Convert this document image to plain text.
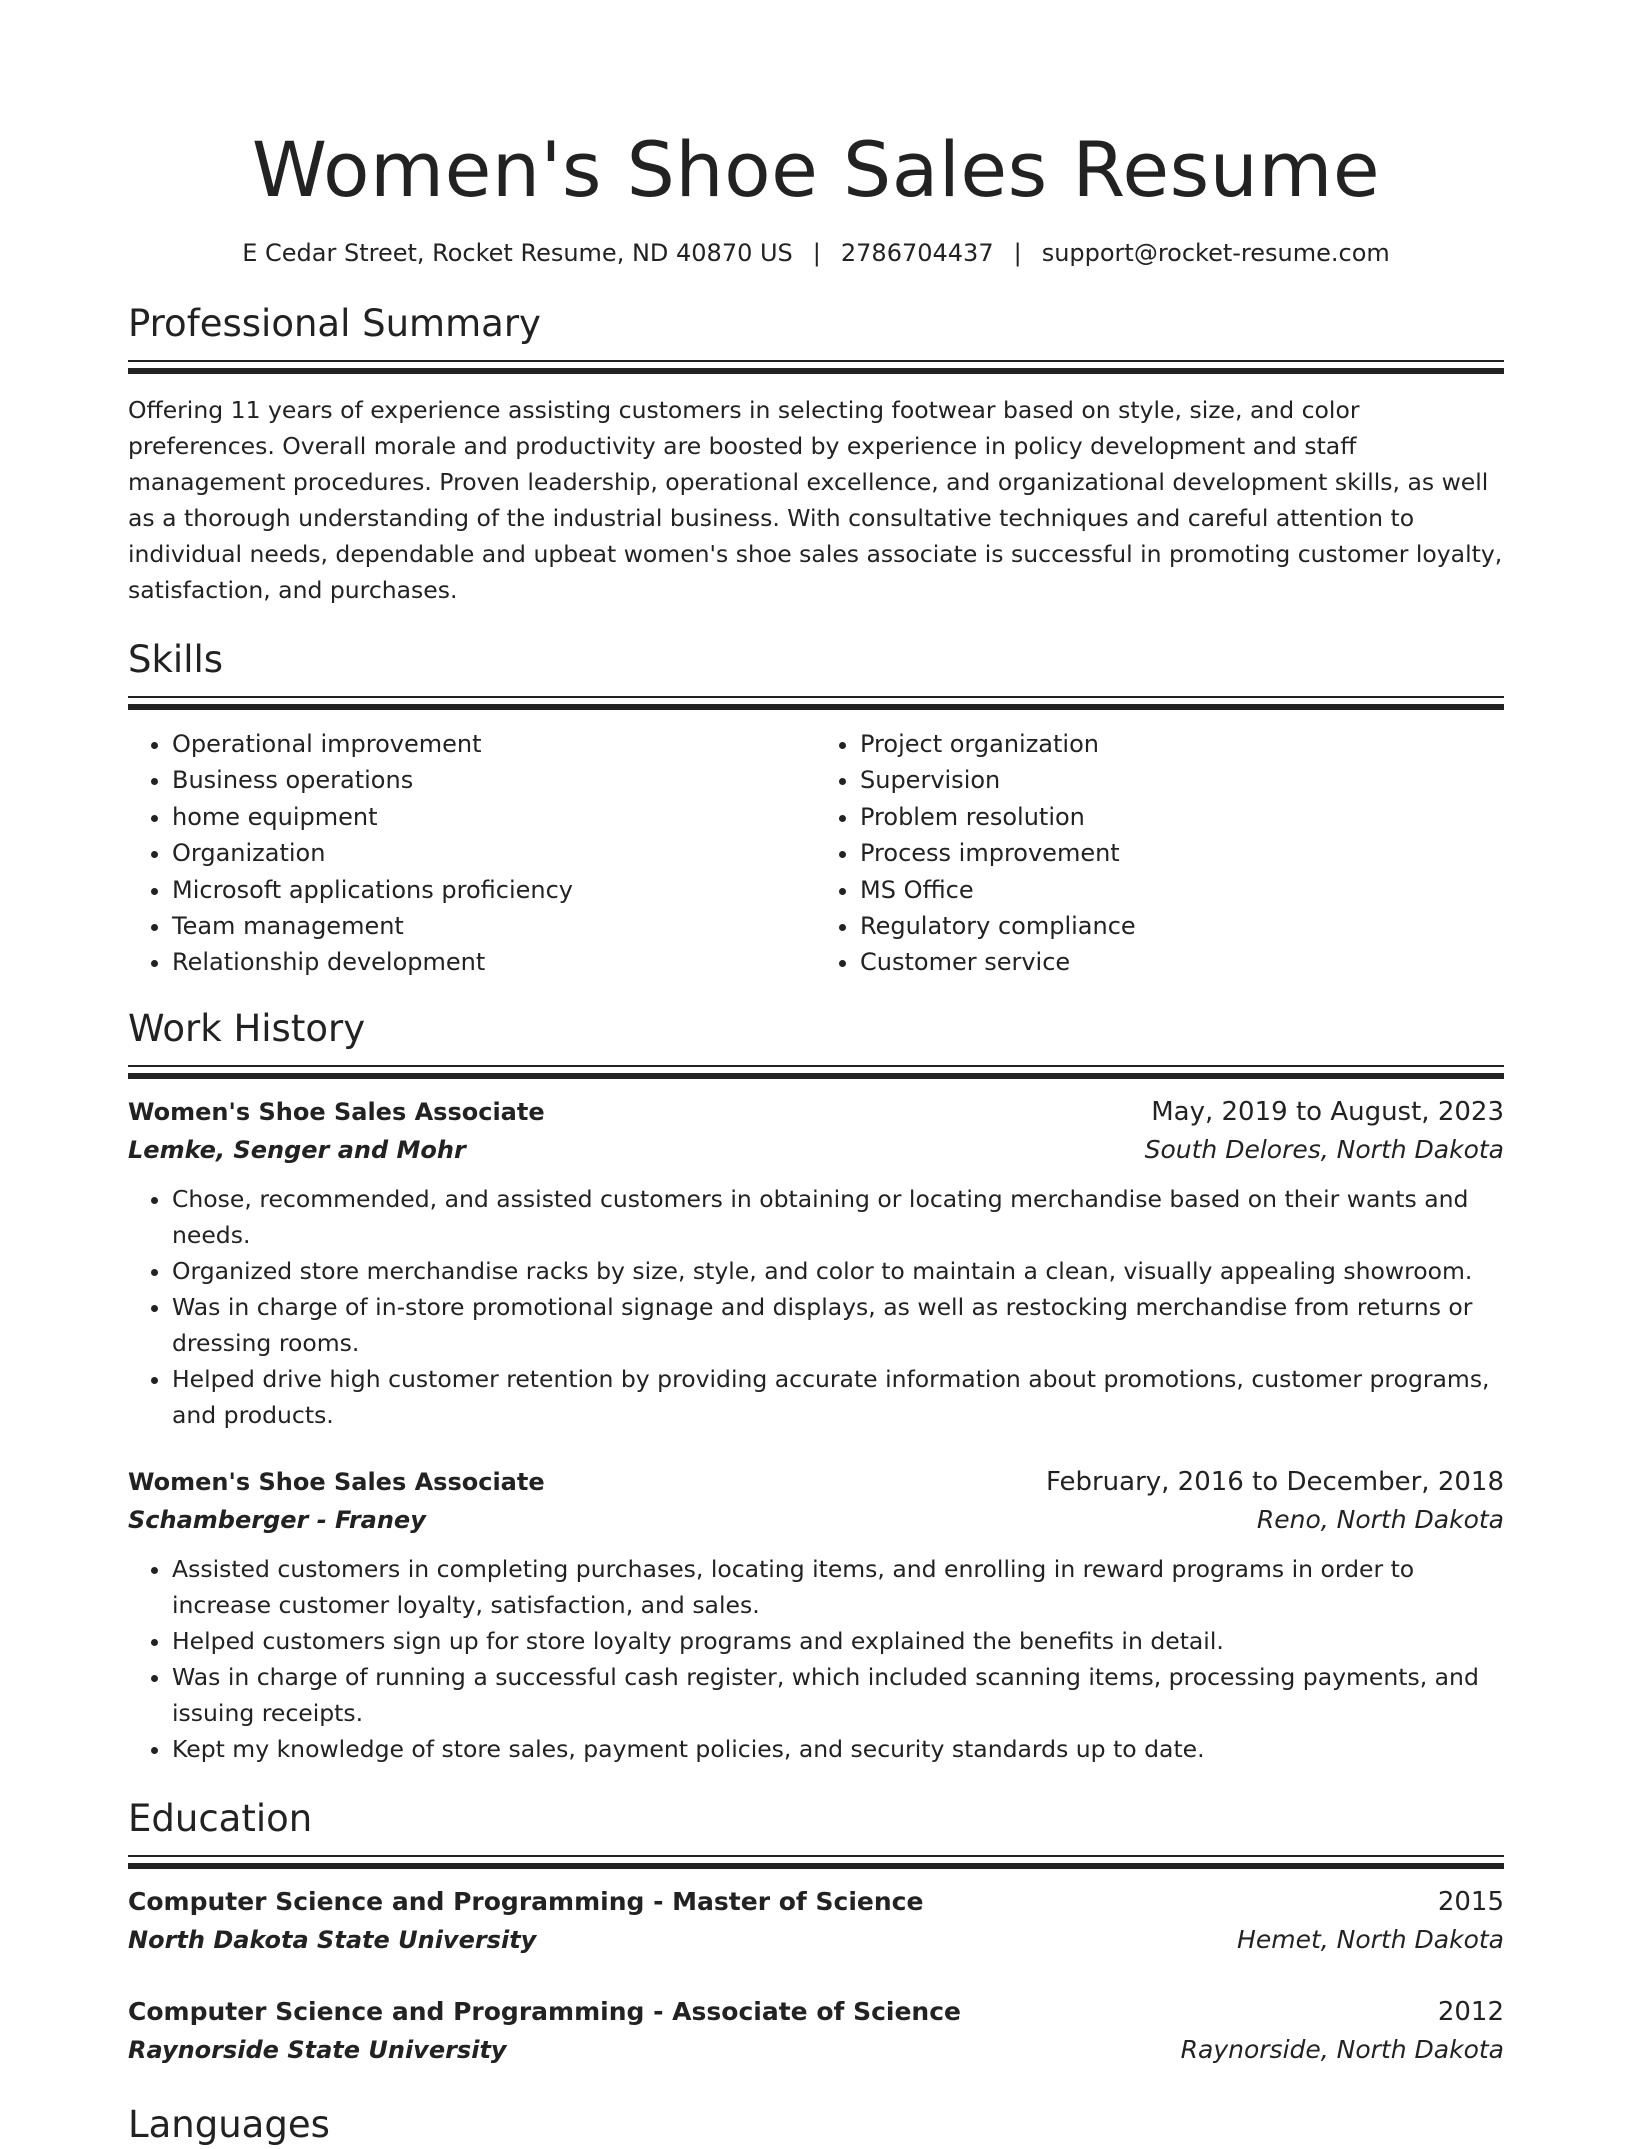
Women's Shoe Sales Resume
E Cedar Street, Rocket Resume, ND 40870 US | 2786704437 | support@rocket-resume.com
Professional Summary
Offering 11 years of experience assisting customers in selecting footwear based on style, size, and color preferences. Overall morale and productivity are boosted by experience in policy development and staff management procedures. Proven leadership, operational excellence, and organizational development skills, as well as a thorough understanding of the industrial business. With consultative techniques and careful attention to individual needs, dependable and upbeat women's shoe sales associate is successful in promoting customer loyalty, satisfaction, and purchases.
Skills
• Operational improvement
• Business operations
• home equipment
• Organization
• Microsoft applications proficiency
• Team management
• Relationship development
• Project organization
• Supervision
• Problem resolution
• Process improvement
• MS Office
• Regulatory compliance
• Customer service
Work History
Women's Shoe Sales Associate	May, 2019 to August, 2023
Lemke, Senger and Mohr	South Delores, North Dakota
• Chose, recommended, and assisted customers in obtaining or locating merchandise based on their wants and needs.
• Organized store merchandise racks by size, style, and color to maintain a clean, visually appealing showroom.
• Was in charge of in-store promotional signage and displays, as well as restocking merchandise from returns or dressing rooms.
• Helped drive high customer retention by providing accurate information about promotions, customer programs, and products.
Women's Shoe Sales Associate	February, 2016 to December, 2018
Schamberger - Franey	Reno, North Dakota
• Assisted customers in completing purchases, locating items, and enrolling in reward programs in order to increase customer loyalty, satisfaction, and sales.
• Helped customers sign up for store loyalty programs and explained the benefits in detail.
• Was in charge of running a successful cash register, which included scanning items, processing payments, and issuing receipts.
• Kept my knowledge of store sales, payment policies, and security standards up to date.
Education
Computer Science and Programming - Master of Science	2015
North Dakota State University	Hemet, North Dakota
Computer Science and Programming - Associate of Science	2012
Raynorside State University	Raynorside, North Dakota
Languages
